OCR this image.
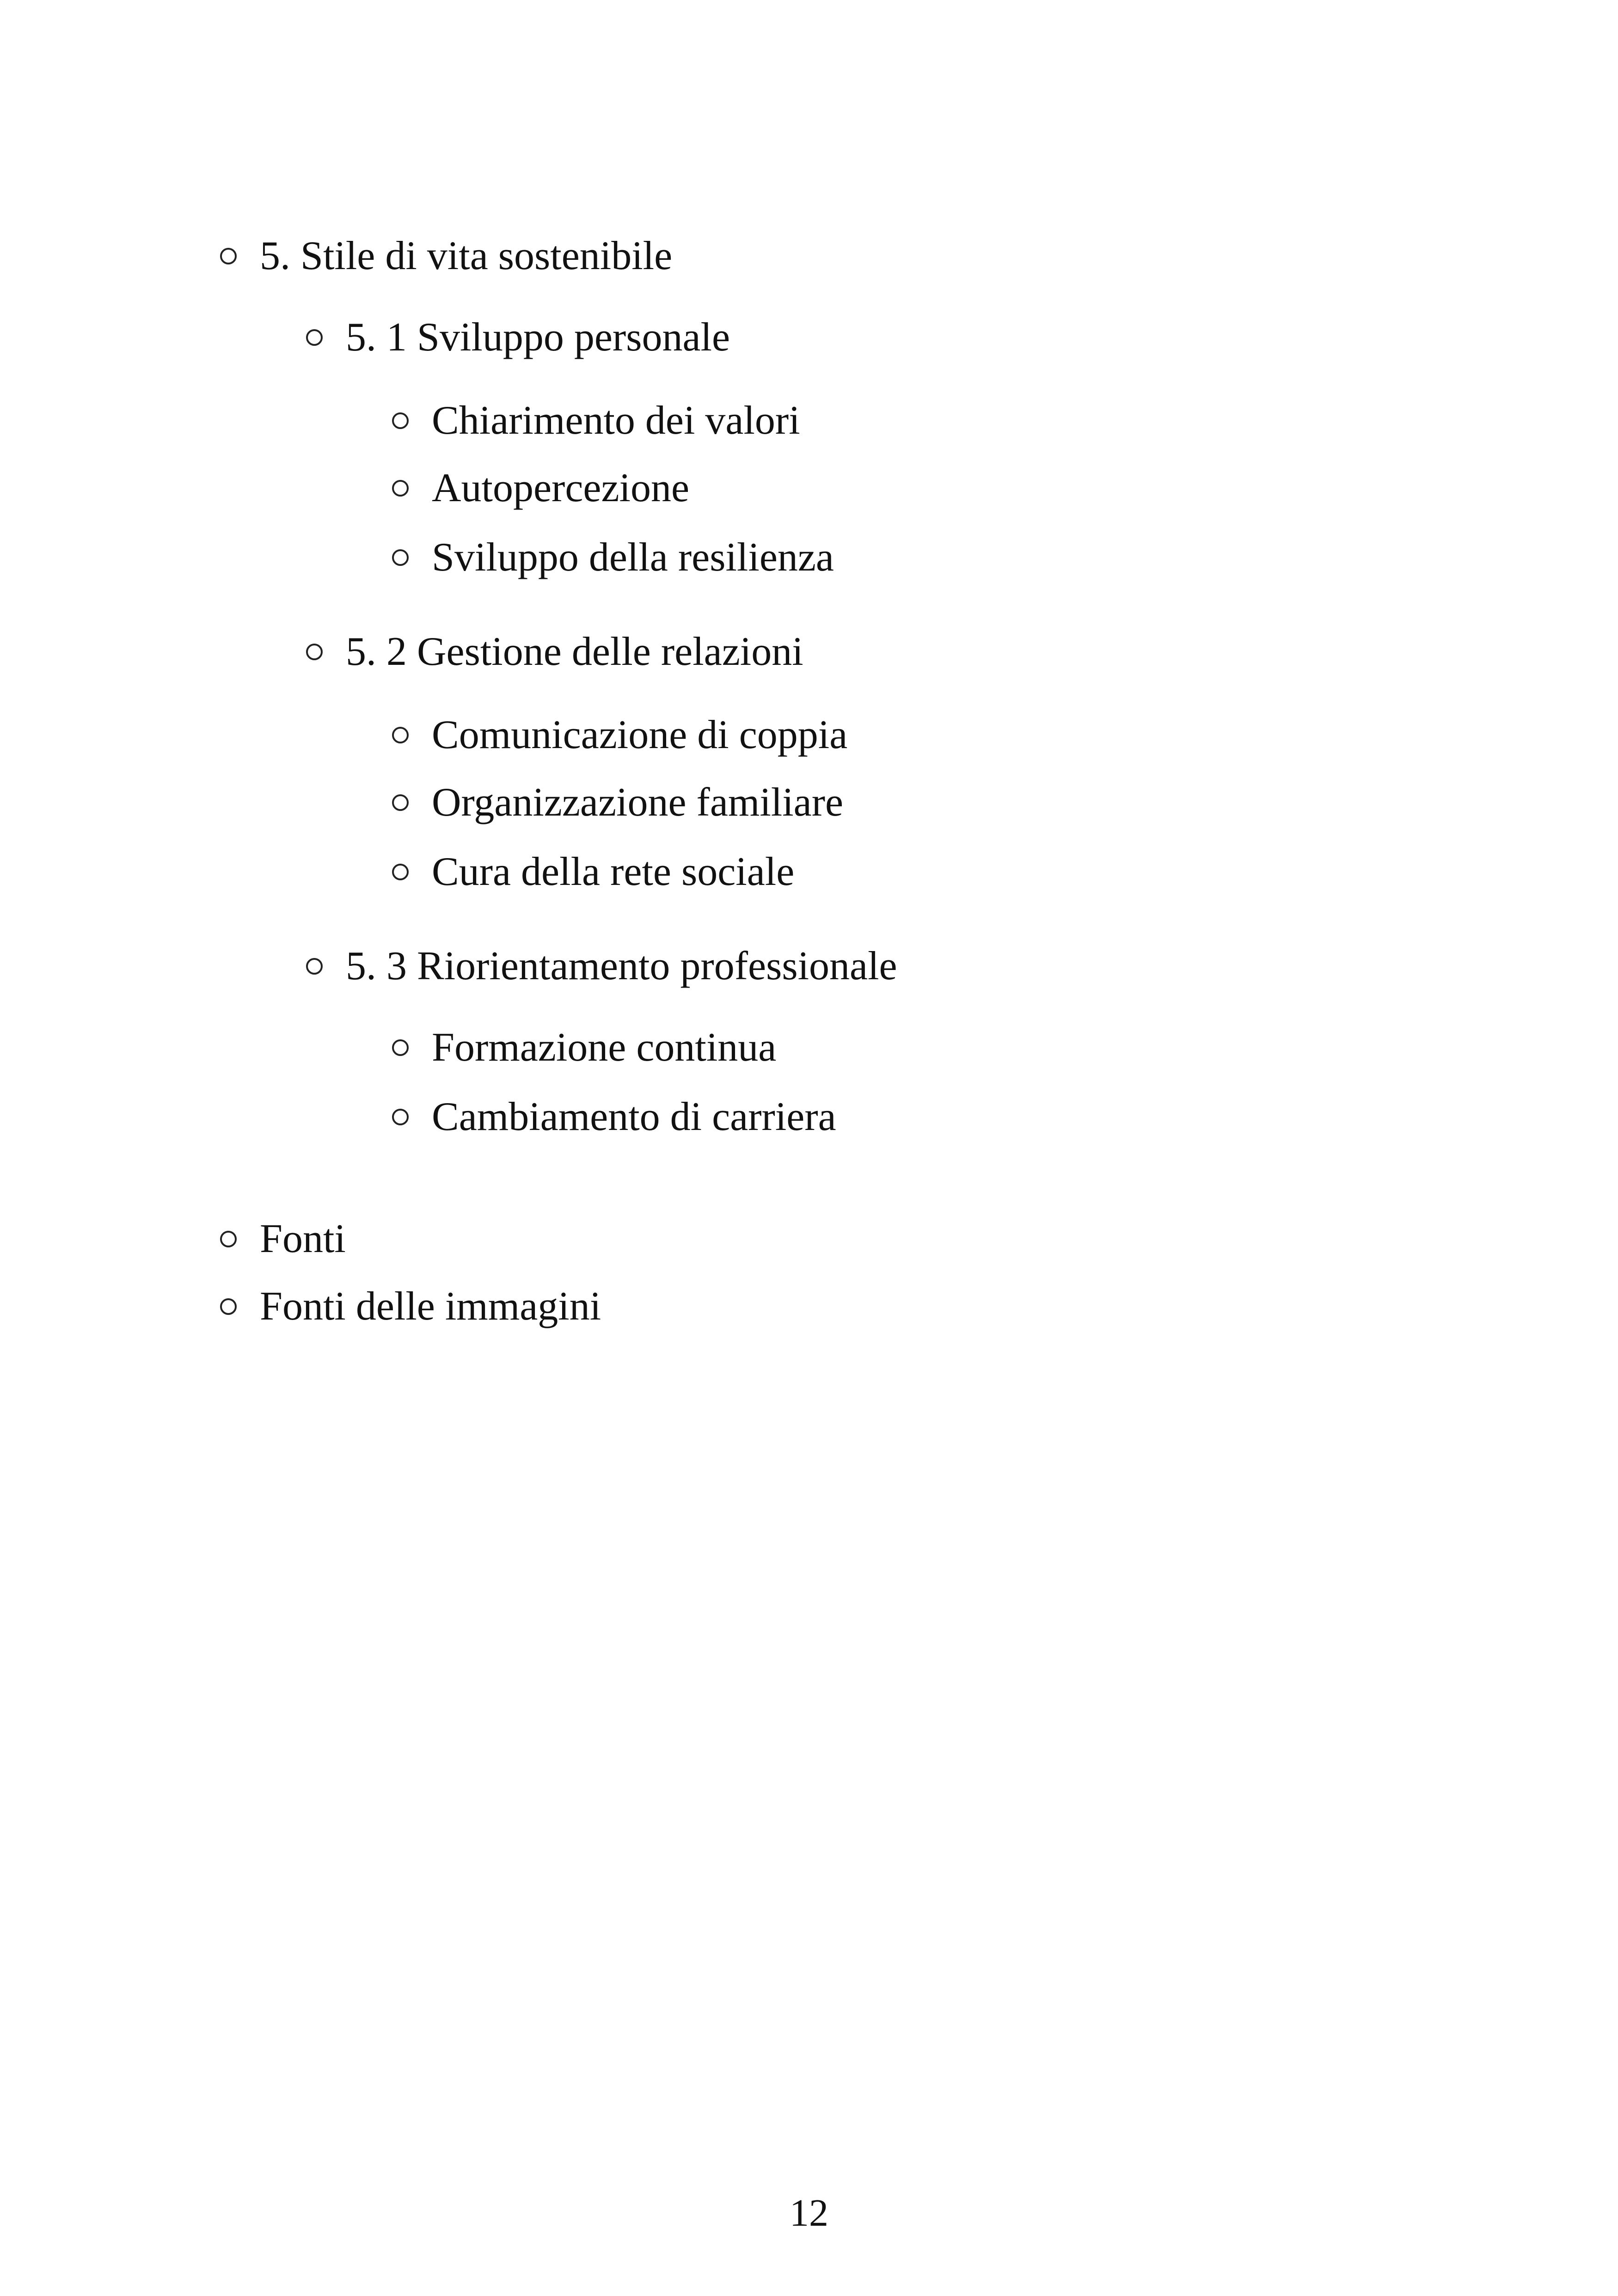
5. Stile di vita sostenibile
5. 1 Sviluppo personale
Chiarimento dei valori
Autopercezione
Sviluppo della resilienza
5. 2 Gestione delle relazioni
Comunicazione di coppia
Organizzazione familiare
Cura della rete sociale
5. 3 Riorientamento professionale
Formazione continua
Cambiamento di carriera
Fonti
Fonti delle immagini
12
